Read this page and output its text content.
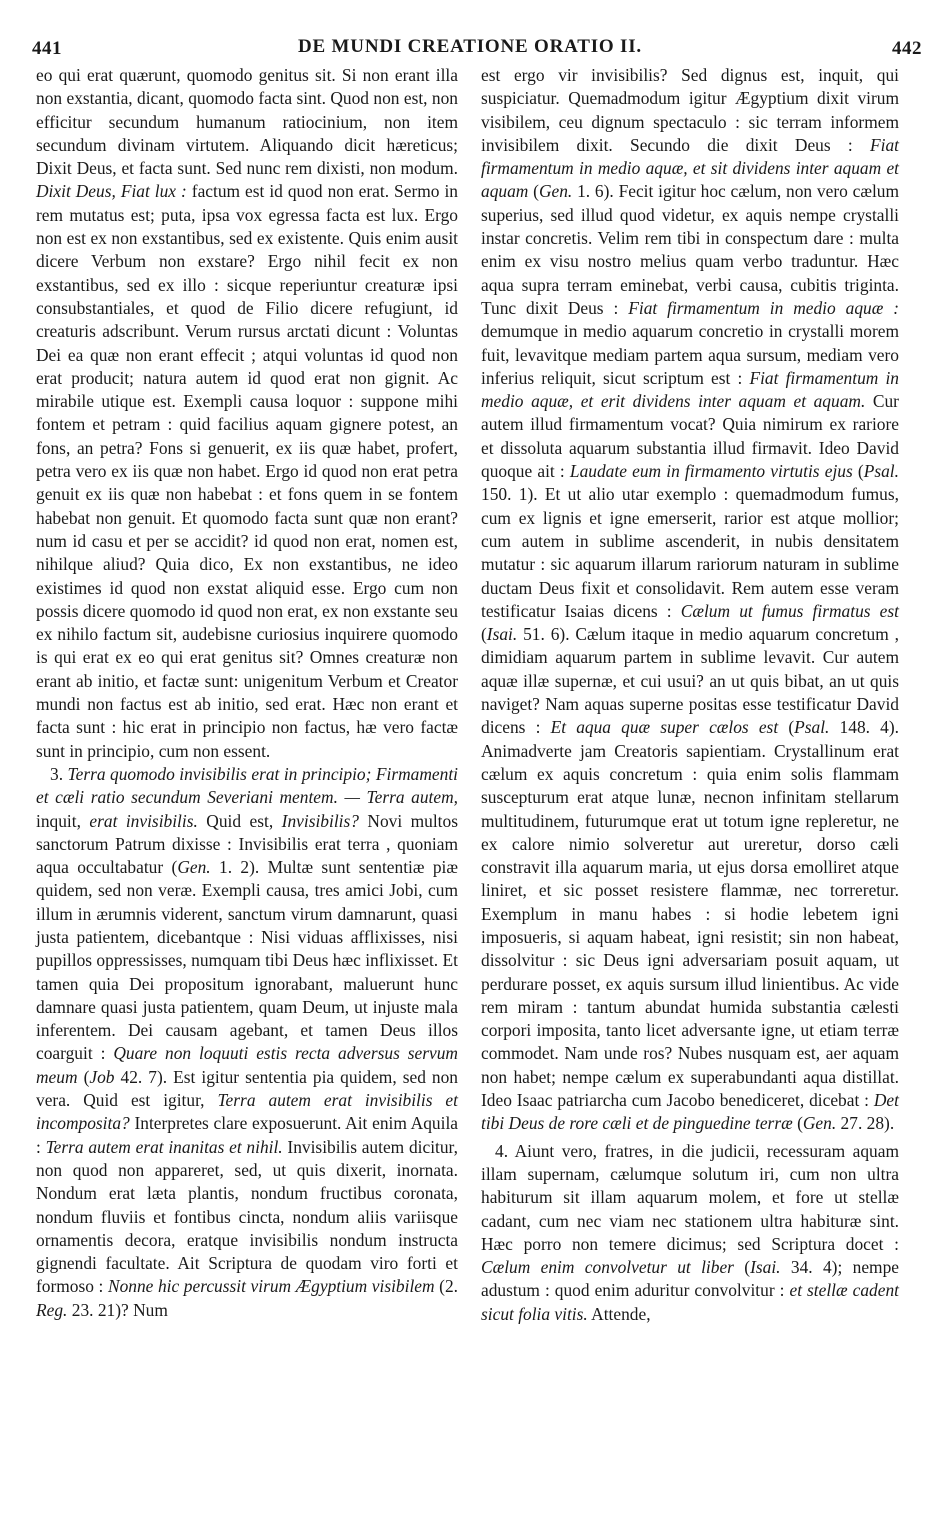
441	DE MUNDI CREATIONE ORATIO II.	442

eo qui erat quærunt, quomodo genitus sit. Si non erant illa non exstantia, dicant, quomodo facta sint. Quod non est, non efficitur secundum humanum ratiocinium, non item secundum divinam virtutem. Aliquando dicit hæreticus; Dixit Deus, et facta sunt. Sed nunc rem dixisti, non modum. Dixit Deus, Fiat lux : factum est id quod non erat. Sermo in rem mutatus est; puta, ipsa vox egressa facta est lux. Ergo non est ex non exstantibus, sed ex existente. Quis enim ausit dicere Verbum non exstare? Ergo nihil fecit ex non exstantibus, sed ex illo : sicque reperiuntur creaturæ ipsi consubstantiales, et quod de Filio dicere refugiunt, id creaturis adscribunt. Verum rursus arctati dicunt : Voluntas Dei ea quæ non erant effecit ; atqui voluntas id quod non erat producit; natura autem id quod erat non gignit. Ac mirabile utique est. Exempli causa loquor : suppone mihi fontem et petram : quid facilius aquam gignere potest, an fons, an petra? Fons si genuerit, ex iis quæ habet, profert, petra vero ex iis quæ non habet. Ergo id quod non erat petra genuit ex iis quæ non habebat : et fons quem in se fontem habebat non genuit. Et quomodo facta sunt quæ non erant? num id casu et per se accidit? id quod non erat, nomen est, nihilque aliud? Quia dico, Ex non exstantibus, ne ideo existimes id quod non exstat aliquid esse. Ergo cum non possis dicere quomodo id quod non erat, ex non exstante seu ex nihilo factum sit, audebisne curiosius inquirere quomodo is qui erat ex eo qui erat genitus sit? Omnes creaturæ non erant ab initio, et factæ sunt: unigenitum Verbum et Creator mundi non factus est ab initio, sed erat. Hæc non erant et facta sunt : hic erat in principio non factus, hæ vero factæ sunt in principio, cum non essent.

3. Terra quomodo invisibilis erat in principio; Firmamenti et cæli ratio secundum Severiani mentem. — Terra autem, inquit, erat invisibilis. Quid est, Invisibilis? Novi multos sanctorum Patrum dixisse : Invisibilis erat terra , quoniam aqua occultabatur (Gen. 1. 2). Multæ sunt sententiæ piæ quidem, sed non veræ. Exempli causa, tres amici Jobi, cum illum in ærumnis viderent, sanctum virum damnarunt, quasi justa patientem, dicebantque : Nisi viduas afflixisses, nisi pupillos oppressisses, numquam tibi Deus hæc inflixisset. Et tamen quia Dei propositum ignorabant, maluerunt hunc damnare quasi justa patientem, quam Deum, ut injuste mala inferentem. Dei causam agebant, et tamen Deus illos coarguit : Quare non loquuti estis recta adversus servum meum (Job 42. 7). Est igitur sententia pia quidem, sed non vera. Quid est igitur, Terra autem erat invisibilis et incomposita? Interpretes clare exposuerunt. Ait enim Aquila : Terra autem erat inanitas et nihil. Invisibilis autem dicitur, non quod non appareret, sed, ut quis dixerit, inornata. Nondum erat læta plantis, nondum fructibus coronata, nondum fluviis et fontibus cincta, nondum aliis variisque ornamentis decora, eratque invisibilis nondum instructa gignendi facultate. Ait Scriptura de quodam viro forti et formoso : Nonne hic percussit virum Ægyptium visibilem (2. Reg. 23. 21)? Num

est ergo vir invisibilis? Sed dignus est, inquit, qui suspiciatur. Quemadmodum igitur Ægyptium dixit virum visibilem, ceu dignum spectaculo : sic terram informem invisibilem dixit. Secundo die dixit Deus : Fiat firmamentum in medio aquæ, et sit dividens inter aquam et aquam (Gen. 1. 6). Fecit igitur hoc cælum, non vero cælum superius, sed illud quod videtur, ex aquis nempe crystalli instar concretis. Velim rem tibi in conspectum dare : multa enim ex visu nostro melius quam verbo traduntur. Hæc aqua supra terram eminebat, verbi causa, cubitis triginta. Tunc dixit Deus : Fiat firmamentum in medio aquæ : demumque in medio aquarum concretio in crystalli morem fuit, levavitque mediam partem aqua sursum, mediam vero inferius reliquit, sicut scriptum est : Fiat firmamentum in medio aquæ, et erit dividens inter aquam et aquam. Cur autem illud firmamentum vocat? Quia nimirum ex rariore et dissoluta aquarum substantia illud firmavit. Ideo David quoque ait : Laudate eum in firmamento virtutis ejus (Psal. 150. 1). Et ut alio utar exemplo : quemadmodum fumus, cum ex lignis et igne emerserit, rarior est atque mollior; cum autem in sublime ascenderit, in nubis densitatem mutatur : sic aquarum illarum rariorum naturam in sublime ductam Deus fixit et consolidavit. Rem autem esse veram testificatur Isaias dicens : Cælum ut fumus firmatus est (Isai. 51. 6). Cælum itaque in medio aquarum concretum , dimidiam aquarum partem in sublime levavit. Cur autem aquæ illæ supernæ, et cui usui? an ut quis bibat, an ut quis naviget? Nam aquas superne positas esse testificatur David dicens : Et aqua quæ super cælos est (Psal. 148. 4). Animadverte jam Creatoris sapientiam. Crystallinum erat cælum ex aquis concretum : quia enim solis flammam suscepturum erat atque lunæ, necnon infinitam stellarum multitudinem, futurumque erat ut totum igne repleretur, ne ex calore nimio solveretur aut ureretur, dorso cæli constravit illa aquarum maria, ut ejus dorsa emolliret atque liniret, et sic posset resistere flammæ, nec torreretur. Exemplum in manu habes : si hodie lebetem igni imposueris, si aquam habeat, igni resistit; sin non habeat, dissolvitur : sic Deus igni adversariam posuit aquam, ut perdurare posset, ex aquis sursum illud linientibus. Ac vide rem miram : tantum abundat humida substantia cælesti corpori imposita, tanto licet adversante igne, ut etiam terræ commodet. Nam unde ros? Nubes nusquam est, aer aquam non habet; nempe cælum ex superabundanti aqua distillat. Ideo Isaac patriarcha cum Jacobo benediceret, dicebat : Det tibi Deus de rore cæli et de pinguedine terræ (Gen. 27. 28).

4. Aiunt vero, fratres, in die judicii, recessuram aquam illam supernam, cælumque solutum iri, cum non ultra habiturum sit illam aquarum molem, et fore ut stellæ cadant, cum nec viam nec stationem ultra habituræ sint. Hæc porro non temere dicimus; sed Scriptura docet : Cælum enim convolvetur ut liber (Isai. 34. 4); nempe adustum : quod enim aduritur convolvitur : et stellæ cadent sicut folia vitis. Attende,
